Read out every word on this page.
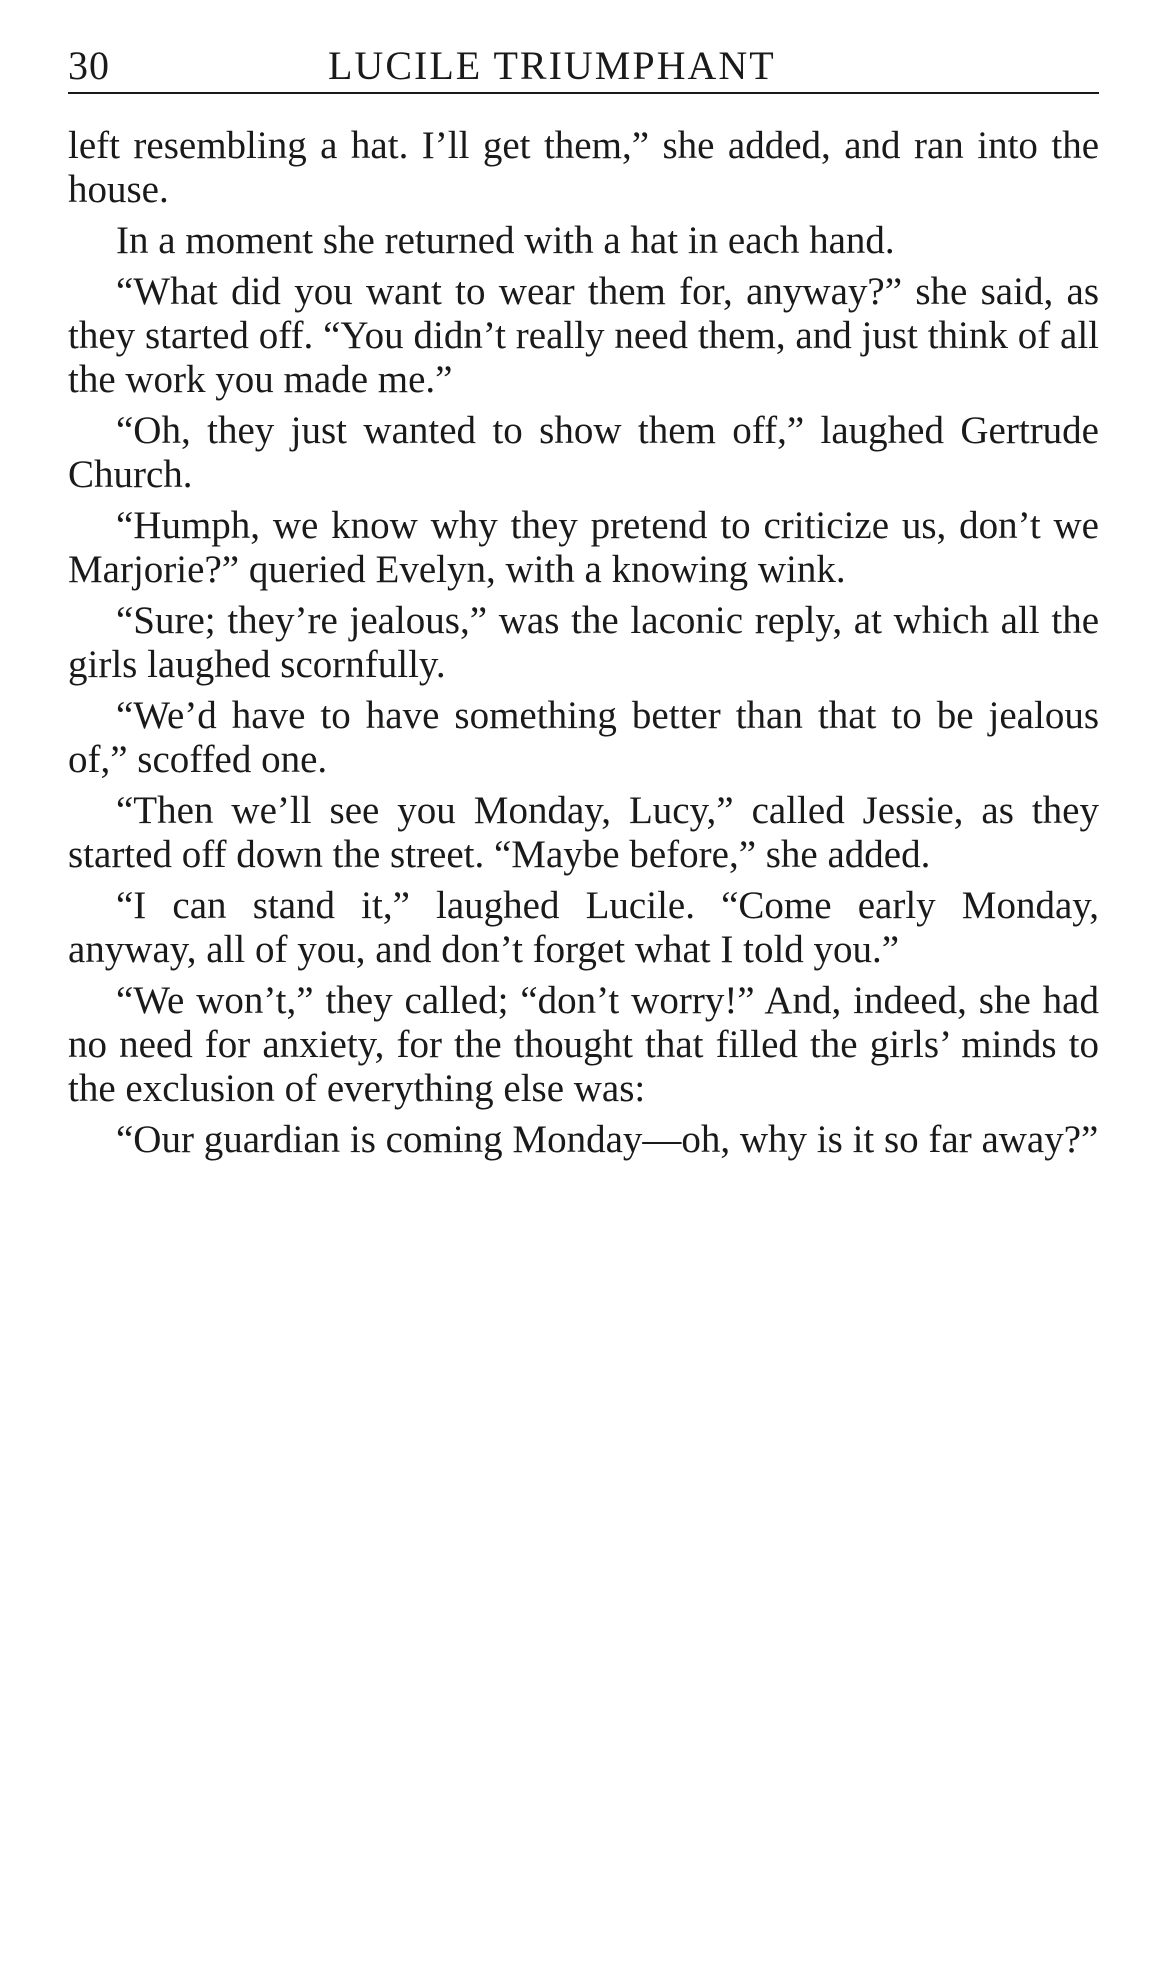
30	LUCILE TRIUMPHANT

left resembling a hat. I’ll get them,” she added, and ran into the house.

In a moment she returned with a hat in each hand.

“What did you want to wear them for, anyway?” she said, as they started off. “You didn’t really need them, and just think of all the work you made me.”

“Oh, they just wanted to show them off,” laughed Gertrude Church.

“Humph, we know why they pretend to criticize us, don’t we Marjorie?” queried Evelyn, with a knowing wink.

“Sure; they’re jealous,” was the laconic reply, at which all the girls laughed scornfully.

“We’d have to have something better than that to be jealous of,” scoffed one.

“Then we’ll see you Monday, Lucy,” called Jessie, as they started off down the street. “Maybe before,” she added.

“I can stand it,” laughed Lucile. “Come early Monday, anyway, all of you, and don’t forget what I told you.”

“We won’t,” they called; “don’t worry!” And, indeed, she had no need for anxiety, for the thought that filled the girls’ minds to the exclusion of everything else was:

“Our guardian is coming Monday—oh, why is it so far away?”
